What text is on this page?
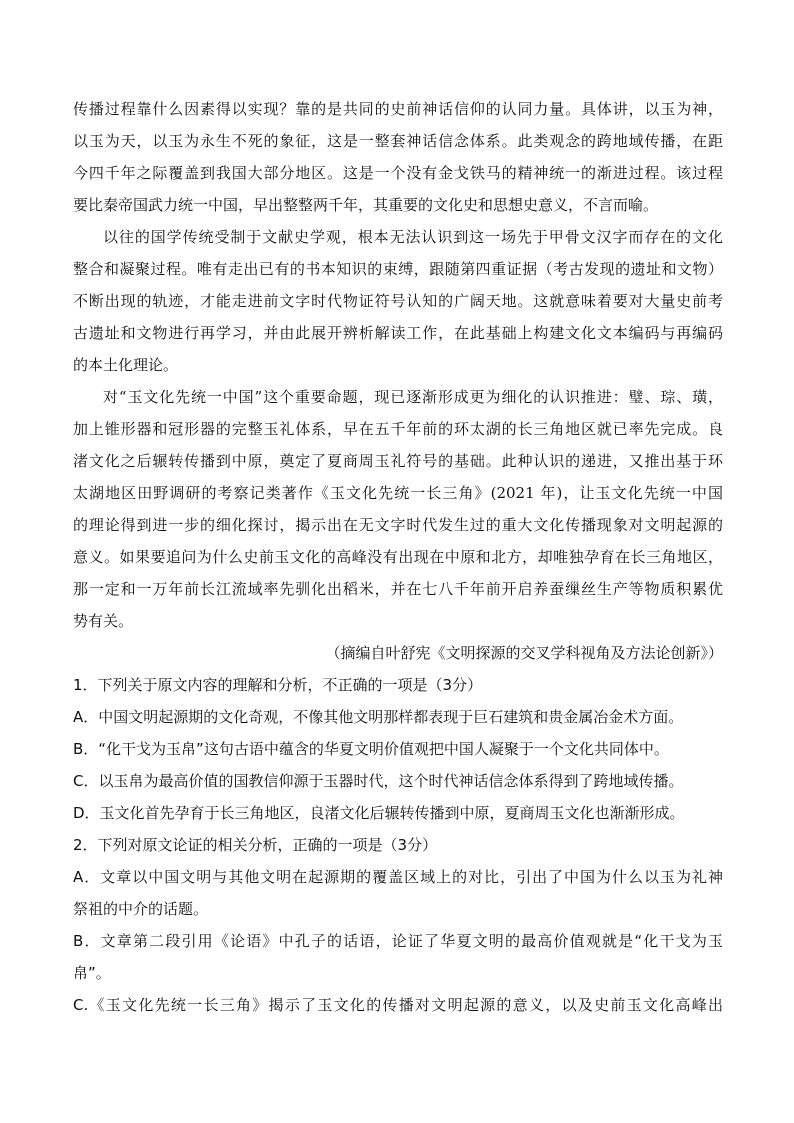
传播过程靠什么因素得以实现？靠的是共同的史前神话信仰的认同力量。具体讲，以玉为神，
以玉为天，以玉为永生不死的象征，这是一整套神话信念体系。此类观念的跨地域传播，在距
今四千年之际覆盖到我国大部分地区。这是一个没有金戈铁马的精神统一的渐进过程。该过程
要比秦帝国武力统一中国，早出整整两千年，其重要的文化史和思想史意义，不言而喻。
以往的国学传统受制于文献史学观，根本无法认识到这一场先于甲骨文汉字而存在的文化
整合和凝聚过程。唯有走出已有的书本知识的束缚，跟随第四重证据（考古发现的遗址和文物）
不断出现的轨迹，才能走进前文字时代物证符号认知的广阔天地。这就意味着要对大量史前考
古遗址和文物进行再学习，并由此展开辨析解读工作，在此基础上构建文化文本编码与再编码
的本土化理论。
对“玉文化先统一中国”这个重要命题，现已逐渐形成更为细化的认识推进：璧、琮、璜，
加上锥形器和冠形器的完整玉礼体系，早在五千年前的环太湖的长三角地区就已率先完成。良
渚文化之后辗转传播到中原，奠定了夏商周玉礼符号的基础。此种认识的递进，又推出基于环
太湖地区田野调研的考察记类著作《玉文化先统一长三角》(2021 年)，让玉文化先统一中国
的理论得到进一步的细化探讨，揭示出在无文字时代发生过的重大文化传播现象对文明起源的
意义。如果要追问为什么史前玉文化的高峰没有出现在中原和北方，却唯独孕育在长三角地区，
那一定和一万年前长江流域率先驯化出稻米，并在七八千年前开启养蚕缫丝生产等物质积累优
势有关。
（摘编自叶舒宪《文明探源的交叉学科视角及方法论创新》）
1．下列关于原文内容的理解和分析，不正确的一项是（3分）
A．中国文明起源期的文化奇观，不像其他文明那样都表现于巨石建筑和贵金属冶金术方面。
B．“化干戈为玉帛”这句古语中蕴含的华夏文明价值观把中国人凝聚于一个文化共同体中。
C．以玉帛为最高价值的国教信仰源于玉器时代，这个时代神话信念体系得到了跨地域传播。
D．玉文化首先孕育于长三角地区，良渚文化后辗转传播到中原，夏商周玉文化也渐渐形成。
2．下列对原文论证的相关分析，正确的一项是（3分）
A．文章以中国文明与其他文明在起源期的覆盖区域上的对比，引出了中国为什么以玉为礼神
祭祖的中介的话题。
B．文章第二段引用《论语》中孔子的话语，论证了华夏文明的最高价值观就是“化干戈为玉
帛”。
C.《玉文化先统一长三角》揭示了玉文化的传播对文明起源的意义，以及史前玉文化高峰出
